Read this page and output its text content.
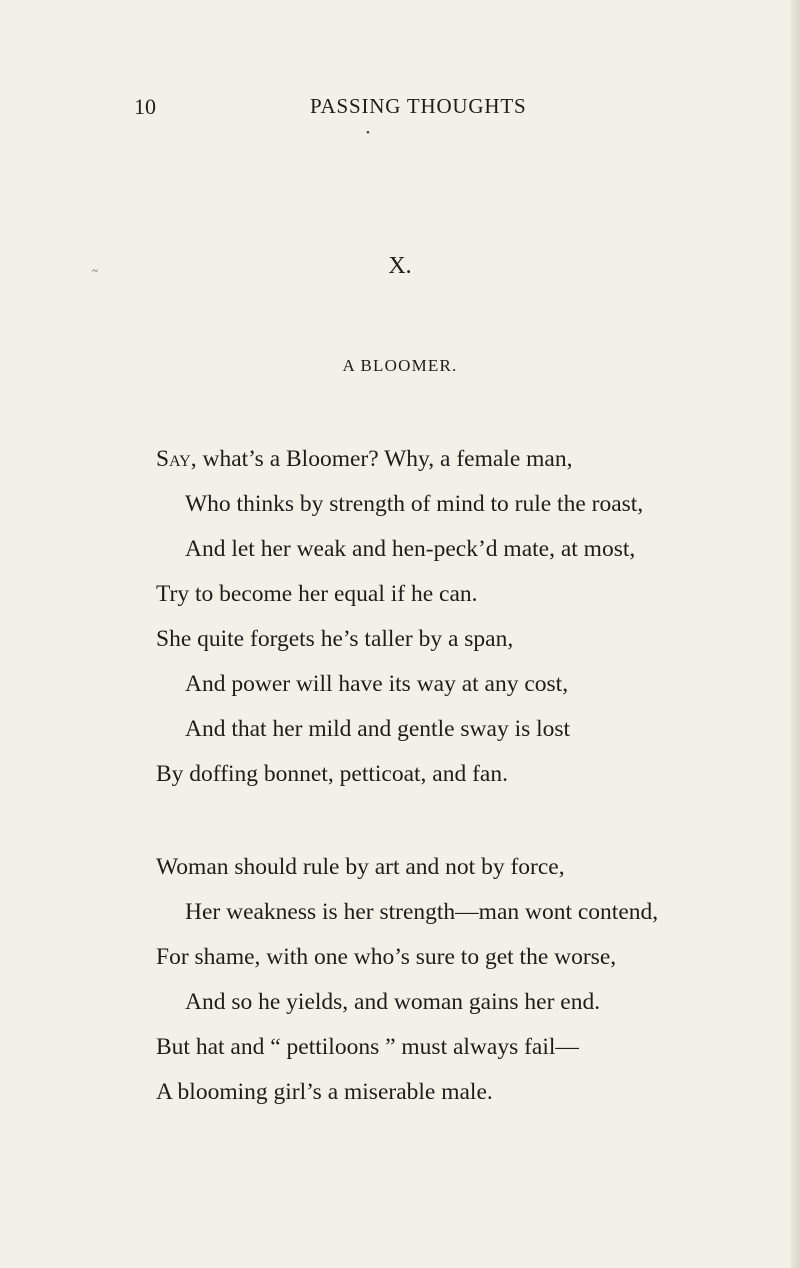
10	PASSING THOUGHTS
•
~	X.
A BLOOMER.
Say, what’s a Bloomer? Why, a female man,
Who thinks by strength of mind to rule the roast,
And let her weak and hen-peck’d mate, at most,
Try to become her equal if he can.
She quite forgets he’s taller by a span,
And power will have its way at any cost,
And that her mild and gentle sway is lost
By doffing bonnet, petticoat, and fan.
Woman should rule by art and not by force,
Her weakness is her strength—man wont contend,
For shame, with one who’s sure to get the worse,
And so he yields, and woman gains her end.
But hat and “ pettiloons ” must always fail—
A blooming girl’s a miserable male.
